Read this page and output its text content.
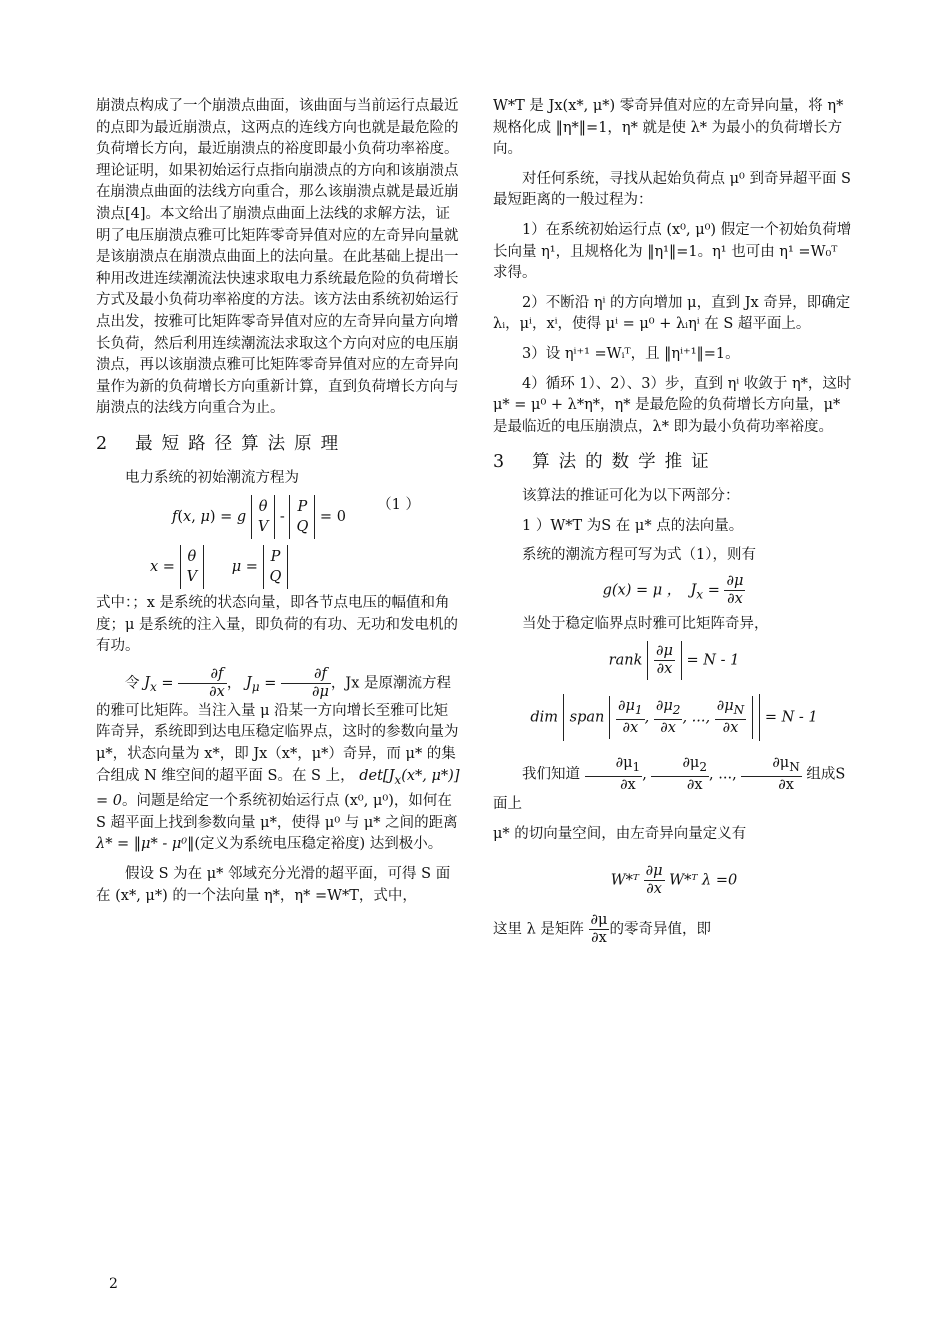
崩溃点构成了一个崩溃点曲面，该曲面与当前运行点最近的点即为最近崩溃点，这两点的连线方向也就是最危险的负荷增长方向，最近崩溃点的裕度即最小负荷功率裕度。理论证明，如果初始运行点指向崩溃点的方向和该崩溃点在崩溃点曲面的法线方向重合，那么该崩溃点就是最近崩溃点[4]。本文给出了崩溃点曲面上法线的求解方法，证明了电压崩溃点雅可比矩阵零奇异值对应的左奇异向量就是该崩溃点在崩溃点曲面上的法向量。在此基础上提出一种用改进连续潮流法快速求取电力系统最危险的负荷增长方式及最小负荷功率裕度的方法。该方法由系统初始运行点出发，按雅可比矩阵零奇异值对应的左奇异向量方向增长负荷，然后利用连续潮流法求取这个方向对应的电压崩溃点，再以该崩溃点雅可比矩阵零奇异值对应的左奇异向量作为新的负荷增长方向重新计算，直到负荷增长方向与崩溃点的法线方向重合为止。

2 最短路径算法原理

电力系统的初始潮流方程为

f(x, μ) = g θ
V - P
Q = 0
（1 ）
x = θ
V      μ = P
Q

式中：；x 是系统的状态向量，即各节点电压的幅值和角度；μ 是系统的注入量，即负荷的有功、无功和发电机的有功。

令 $J_x = \frac{\partial f}{\partial x}$ ， $J_\mu = \frac{\partial f}{\partial\mu}$ ，Jx 是原潮流方程的雅可比矩阵。当注入量 μ 沿某一方向增长至雅可比矩阵奇异，系统即到达电压稳定临界点，这时的参数向量为 μ*，状态向量为 x*，即 Jx（x*，μ*）奇异，而 μ* 的集合组成 N 维空间的超平面 S。在 S 上， $\det[J_x(x*$, μ*)] = 0。问题是给定一个系统初始运行点 (x⁰, μ⁰)，如何在 S 超平面上找到参数向量 μ*，使得 μ⁰ 与 μ* 之间的距离 λ* = ‖μ* - μ⁰‖(定义为系统电压稳定裕度) 达到极小。

假设 S 为在 μ* 邻域充分光滑的超平面，可得 S 面在 (x*, μ*) 的一个法向量 η*，η* =W*T，式中，

W*T 是 Jx(x*, μ*) 零奇异值对应的左奇异向量，将 η* 规格化成 ‖η*‖=1，η* 就是使 λ* 为最小的负荷增长方向。

对任何系统，寻找从起始负荷点 μ⁰ 到奇异超平面 S 最短距离的一般过程为：

1）在系统初始运行点 (x⁰, μ⁰) 假定一个初始负荷增长向量 η¹，且规格化为 ‖η¹‖=1。η¹ 也可由 η¹ =W₀ᵀ 求得。

2）不断沿 ηⁱ 的方向增加 μ，直到 Jx 奇异，即确定 λᵢ，μⁱ，xⁱ，使得 μⁱ = μ⁰ + λᵢηⁱ 在 S 超平面上。

3）设 ηⁱ⁺¹ =Wᵢᵀ，且 ‖ηⁱ⁺¹‖=1。

4）循环 1）、2）、3）步，直到 ηⁱ 收敛于 η*，这时 μ* = μ⁰ + λ*η*，η* 是最危险的负荷增长方向量，μ* 是最临近的电压崩溃点，λ* 即为最小负荷功率裕度。

3 算法的数学推证

该算法的推证可化为以下两部分：

1 ）W*T 为S 在 μ* 点的法向量。

系统的潮流方程可写为式（1），则有

g(x) = μ ，  $J_x = \frac{\partial\mu}{\partial x}$

当处于稳定临界点时雅可比矩阵奇异，

rank $\frac{\partial\mu}{\partial x} = N - 1$
dim span $\frac{\partial\mu_1}{\partial x}$ , $\frac{\partial\mu_2}{\partial x}$ , ..., $\frac{\partial\mu_N}{\partial x} = N - 1$

我们知道 $\frac{\partial\mu_1}{\partial x}$ , $\frac{\partial\mu_2}{\partial x}$ , ..., $\frac{\partial\mu_N}{\partial x}$ 组成S 面上

μ* 的切向量空间，由左奇异向量定义有

W*ᵀ $\frac{\partial\mu}{\partial x}$ W*ᵀ λ =0

这里 λ 是矩阵 $\frac{\partial\mu}{\partial x}$ 的零奇异值，即

2
